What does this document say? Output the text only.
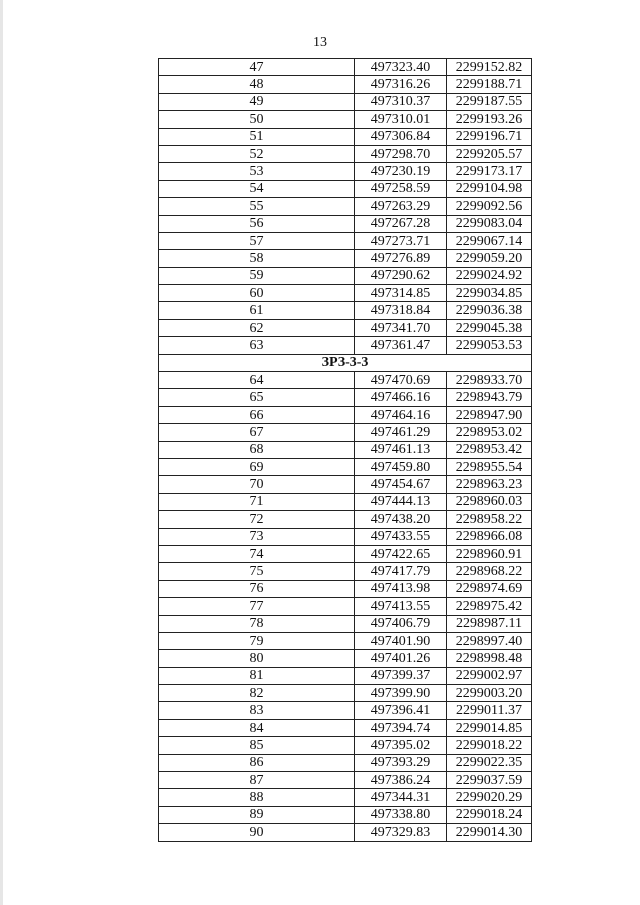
13
47	497323.40	2299152.82
48	497316.26	2299188.71
49	497310.37	2299187.55
50	497310.01	2299193.26
51	497306.84	2299196.71
52	497298.70	2299205.57
53	497230.19	2299173.17
54	497258.59	2299104.98
55	497263.29	2299092.56
56	497267.28	2299083.04
57	497273.71	2299067.14
58	497276.89	2299059.20
59	497290.62	2299024.92
60	497314.85	2299034.85
61	497318.84	2299036.38
62	497341.70	2299045.38
63	497361.47	2299053.53
ЗРЗ-3-3		
64	497470.69	2298933.70
65	497466.16	2298943.79
66	497464.16	2298947.90
67	497461.29	2298953.02
68	497461.13	2298953.42
69	497459.80	2298955.54
70	497454.67	2298963.23
71	497444.13	2298960.03
72	497438.20	2298958.22
73	497433.55	2298966.08
74	497422.65	2298960.91
75	497417.79	2298968.22
76	497413.98	2298974.69
77	497413.55	2298975.42
78	497406.79	2298987.11
79	497401.90	2298997.40
80	497401.26	2298998.48
81	497399.37	2299002.97
82	497399.90	2299003.20
83	497396.41	2299011.37
84	497394.74	2299014.85
85	497395.02	2299018.22
86	497393.29	2299022.35
87	497386.24	2299037.59
88	497344.31	2299020.29
89	497338.80	2299018.24
90	497329.83	2299014.30
